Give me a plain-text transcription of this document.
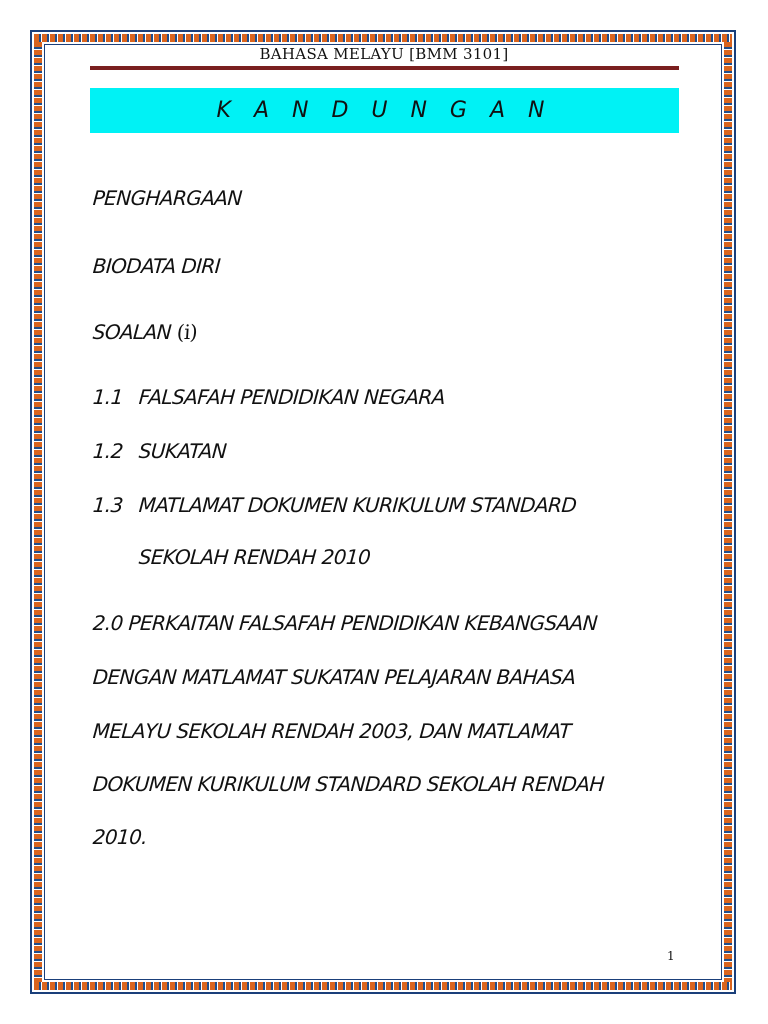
BAHASA MELAYU [BMM 3101]
K A N D U N G A N
PENGHARGAAN
BIODATA DIRI
SOALAN (i)
1.1 FALSAFAH PENDIDIKAN NEGARA
1.2 SUKATAN
1.3 MATLAMAT DOKUMEN KURIKULUM STANDARD
SEKOLAH RENDAH 2010
2.0 PERKAITAN FALSAFAH PENDIDIKAN KEBANGSAAN
DENGAN MATLAMAT SUKATAN PELAJARAN BAHASA
MELAYU SEKOLAH RENDAH 2003, DAN MATLAMAT
DOKUMEN KURIKULUM STANDARD SEKOLAH RENDAH
2010.
1
